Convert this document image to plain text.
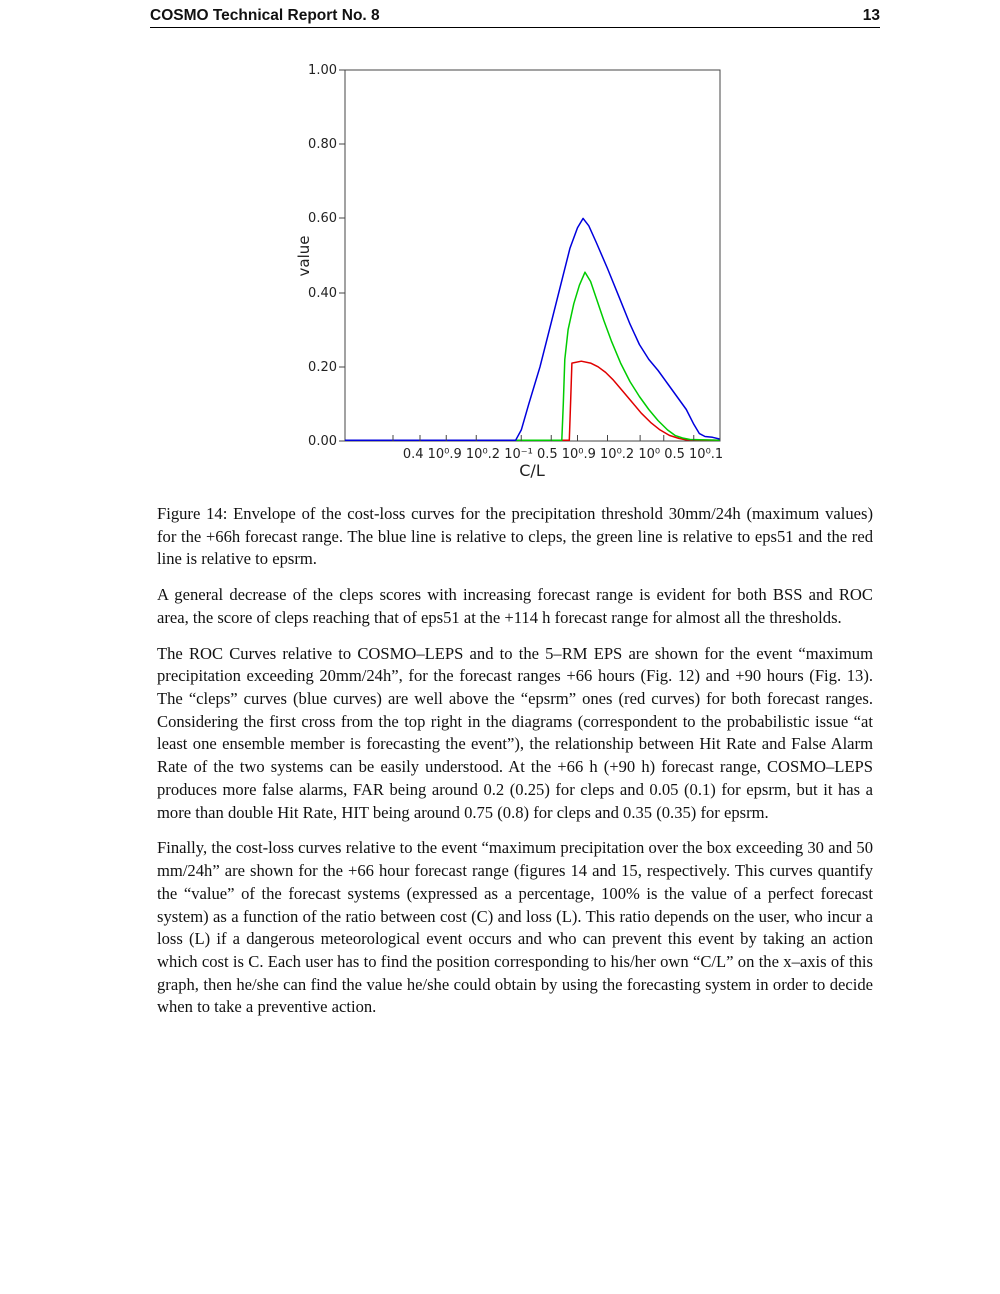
COSMO Technical Report No. 8	13
1.00
0.80
0.60
0.40
0.20
0.00
value
0.4 10⁰.9 10⁰.2 10⁻¹ 0.5 10⁰.9 10⁰.2 10⁰ 0.5 10⁰.1
C/L

Figure 14: Envelope of the cost-loss curves for the precipitation threshold 30mm/24h (maximum values) for the +66h forecast range. The blue line is relative to cleps, the green line is relative to eps51 and the red line is relative to epsrm.

A general decrease of the cleps scores with increasing forecast range is evident for both BSS and ROC area, the score of cleps reaching that of eps51 at the +114 h forecast range for almost all the thresholds.

The ROC Curves relative to COSMO–LEPS and to the 5–RM EPS are shown for the event “maximum precipitation exceeding 20mm/24h”, for the forecast ranges +66 hours (Fig. 12) and +90 hours (Fig. 13). The “cleps” curves (blue curves) are well above the “epsrm” ones (red curves) for both forecast ranges. Considering the first cross from the top right in the diagrams (correspondent to the probabilistic issue “at least one ensemble member is forecasting the event”), the relationship between Hit Rate and False Alarm Rate of the two systems can be easily understood. At the +66 h (+90 h) forecast range, COSMO–LEPS produces more false alarms, FAR being around 0.2 (0.25) for cleps and 0.05 (0.1) for epsrm, but it has a more than double Hit Rate, HIT being around 0.75 (0.8) for cleps and 0.35 (0.35) for epsrm.

Finally, the cost-loss curves relative to the event “maximum precipitation over the box exceeding 30 and 50 mm/24h” are shown for the +66 hour forecast range (figures 14 and 15, respectively. This curves quantify the “value” of the forecast systems (expressed as a percentage, 100% is the value of a perfect forecast system) as a function of the ratio between cost (C) and loss (L). This ratio depends on the user, who incur a loss (L) if a dangerous meteorological event occurs and who can prevent this event by taking an action which cost is C. Each user has to find the position corresponding to his/her own “C/L” on the x–axis of this graph, then he/she can find the value he/she could obtain by using the forecasting system in order to decide when to take a preventive action.
